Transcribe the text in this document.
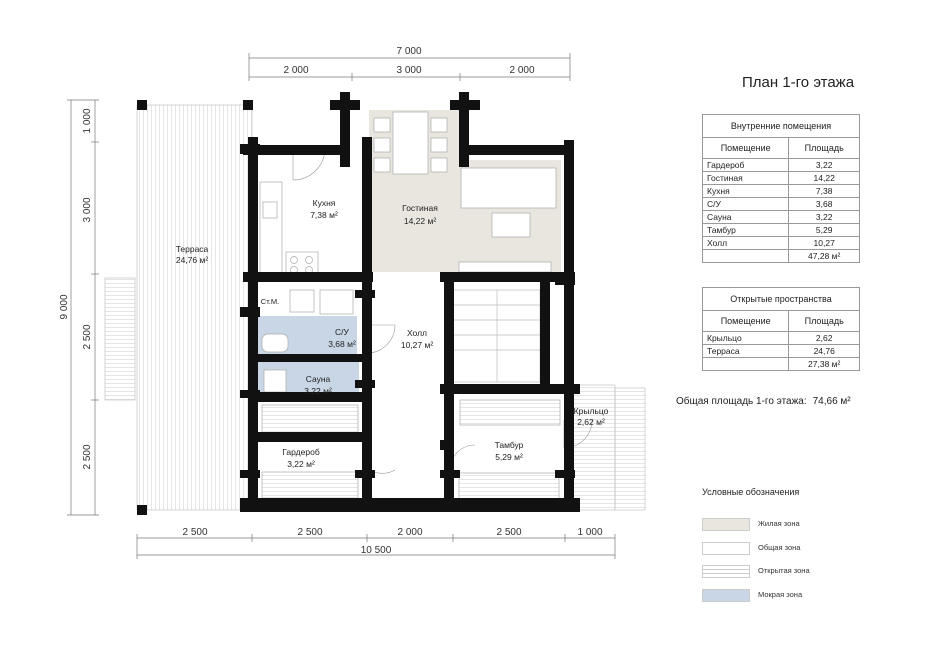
7 000
2 000	3 000	2 000
9 000
1 000
3 000
2 500
2 500
2 500	2 500	2 000	2 500	1 000
10 500
Терраса
24,76 м²
Кухня
7,38 м²
Гостиная
14,22 м²
Ст.М.
С/У
3,68 м²
Холл
10,27 м²
Сауна
3,22 м²
Крыльцо
2,62 м²
Гардероб
3,22 м²
Тамбур
5,29 м²
План 1-го этажа
Внутренние помещения	
Помещение	Площадь
Гардероб	3,22
Гостиная	14,22
Кухня	7,38
С/У	3,68
Сауна	3,22
Тамбур	5,29
Холл	10,27
	47,28 м²
Открытые пространства	
Помещение	Площадь
Крыльцо	2,62
Терраса	24,76
	27,38 м²
Общая площадь 1-го этажа: 74,66 м²
Условные обозначения
Жилая зона
Общая зона
Открытая зона
Мокрая зона
